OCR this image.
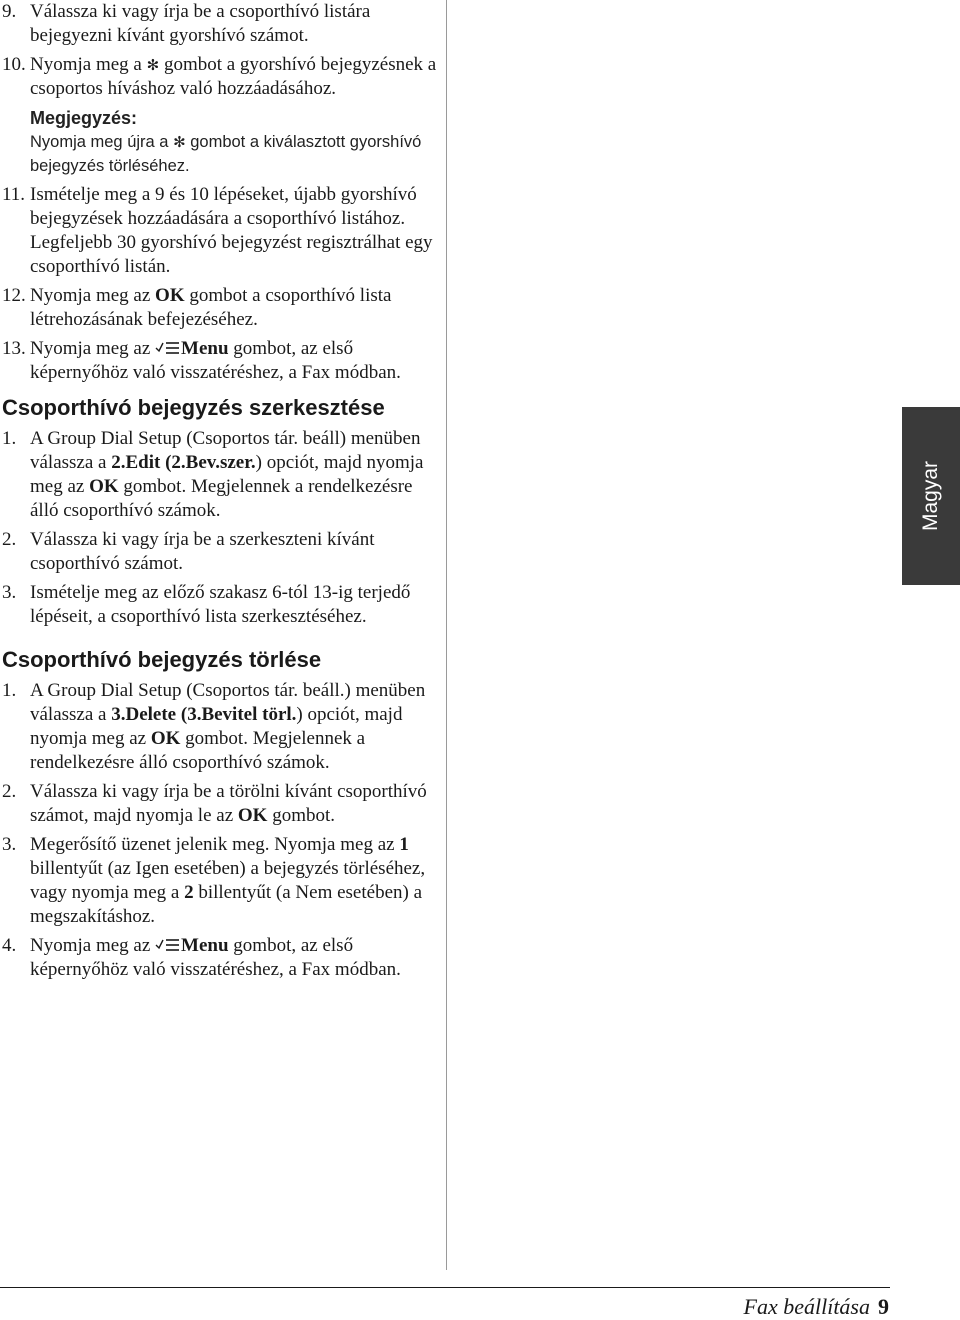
9. Válassza ki vagy írja be a csoporthívó listára bejegyezni kívánt gyorshívó számot.
10. Nyomja meg a ✻ gombot a gyorshívó bejegyzésnek a csoportos híváshoz való hozzáadásához.
Megjegyzés:
Nyomja meg újra a ✻ gombot a kiválasztott gyorshívó bejegyzés törléséhez.
11. Ismételje meg a 9 és 10 lépéseket, újabb gyorshívó bejegyzések hozzáadására a csoporthívó listához. Legfeljebb 30 gyorshívó bejegyzést regisztrálhat egy csoporthívó listán.
12. Nyomja meg az OK gombot a csoporthívó lista létrehozásának befejezéséhez.
13. Nyomja meg az Menu gombot, az első képernyőhöz való visszatéréshez, a Fax módban.
Csoporthívó bejegyzés szerkesztése
1. A Group Dial Setup (Csoportos tár. beáll) menüben válassza a 2.Edit (2.Bev.szer.) opciót, majd nyomja meg az OK gombot. Megjelennek a rendelkezésre álló csoporthívó számok.
2. Válassza ki vagy írja be a szerkeszteni kívánt csoporthívó számot.
3. Ismételje meg az előző szakasz 6-tól 13-ig terjedő lépéseit, a csoporthívó lista szerkesztéséhez.
Csoporthívó bejegyzés törlése
1. A Group Dial Setup (Csoportos tár. beáll.) menüben válassza a 3.Delete (3.Bevitel törl.) opciót, majd nyomja meg az OK gombot. Megjelennek a rendelkezésre álló csoporthívó számok.
2. Válassza ki vagy írja be a törölni kívánt csoporthívó számot, majd nyomja le az OK gombot.
3. Megerősítő üzenet jelenik meg. Nyomja meg az 1 billentyűt (az Igen esetében) a bejegyzés törléséhez, vagy nyomja meg a 2 billentyűt (a Nem esetében) a megszakításhoz.
4. Nyomja meg az Menu gombot, az első képernyőhöz való visszatéréshez, a Fax módban.
Magyar
Fax beállítása 9
